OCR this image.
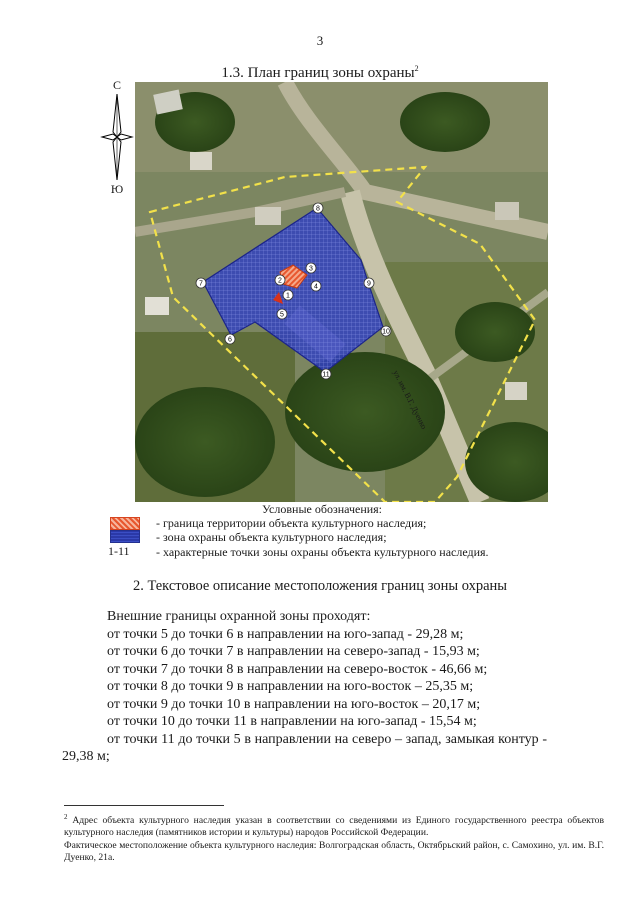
3
1.3. План границ зоны охраны$^2$
С
Ю
1
2
3
4
5
6
7
8
9
10
11	ул. им. В.Г. Дуенко
Условные обозначения:
1-11
- граница территории объекта культурного наследия;
- зона охраны объекта культурного наследия;
- характерные точки зоны охраны объекта культурного наследия.
2. Текстовое описание местоположения границ зоны охраны
Внешние границы охранной зоны проходят:
от точки 5 до точки 6 в направлении на юго-запад - 29,28 м;
от точки 6 до точки 7 в направлении на северо-запад - 15,93 м;
от точки 7 до точки 8 в направлении на северо-восток - 46,66 м;
от точки 8 до точки 9 в направлении на юго-восток – 25,35 м;
от точки 9 до точки 10 в направлении на юго-восток – 20,17 м;
от точки 10 до точки 11 в направлении на юго-запад - 15,54 м;
от точки 11 до точки 5 в направлении на северо – запад, замыкая контур - 29,38 м;

$^2$ Адрес объекта культурного наследия указан в соответствии со сведениями из Единого государственного реестра объектов культурного наследия (памятников истории и культуры) народов Российской Федерации.

Фактическое местоположение объекта культурного наследия: Волгоградская область, Октябрьский район, с. Самохино, ул. им. В.Г. Дуенко, 21а.
